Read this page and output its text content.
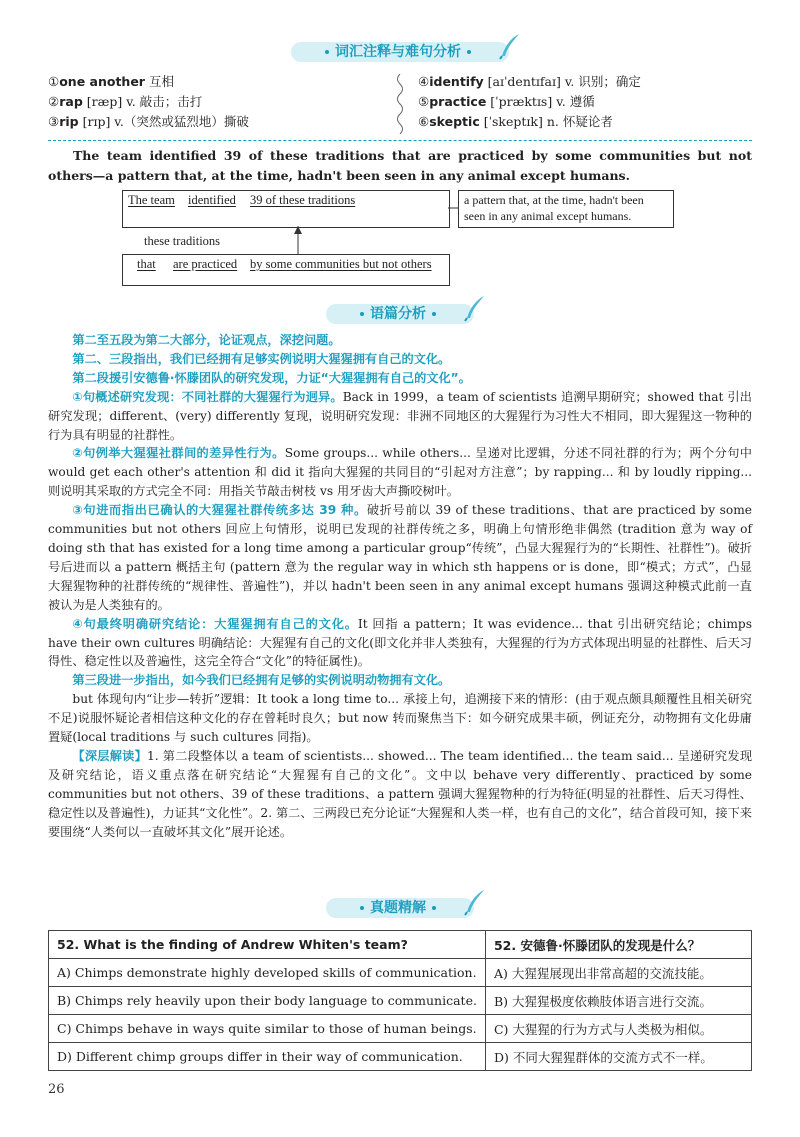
词汇注释与难句分析
①one another 互相
②rap [ræp] v. 敲击；击打
③rip [rɪp] v.（突然或猛烈地）撕破
④identify [aɪˈdentɪfaɪ] v. 识别；确定
⑤practice [ˈpræktɪs] v. 遵循
⑥skeptic [ˈskeptɪk] n. 怀疑论者
The team identified 39 of these traditions that are practiced by some communities but not others—a pattern that, at the time, hadn't been seen in any animal except humans.
The team identified 39 of these traditions	a pattern that, at the time, hadn't been
seen in any animal except humans.
these traditions
that are practiced by some communities but not others
语篇分析
第二至五段为第二大部分，论证观点，深挖问题。
第二、三段指出，我们已经拥有足够实例说明大猩猩拥有自己的文化。
第二段援引安德鲁·怀滕团队的研究发现，力证“大猩猩拥有自己的文化”。
①句概述研究发现：不同社群的大猩猩行为迥异。Back in 1999，a team of scientists 追溯早期研究；showed that 引出研究发现；different、(very) differently 复现，说明研究发现：非洲不同地区的大猩猩行为习性大不相同，即大猩猩这一物种的行为具有明显的社群性。
②句例举大猩猩社群间的差异性行为。Some groups... while others... 呈递对比逻辑，分述不同社群的行为；两个分句中 would get each other's attention 和 did it 指向大猩猩的共同目的“引起对方注意”；by rapping... 和 by loudly ripping... 则说明其采取的方式完全不同：用指关节敲击树枝 vs 用牙齿大声撕咬树叶。
③句进而指出已确认的大猩猩社群传统多达 39 种。破折号前以 39 of these traditions、that are practiced by some communities but not others 回应上句情形，说明已发现的社群传统之多，明确上句情形绝非偶然 (tradition 意为 way of doing sth that has existed for a long time among a particular group“传统”，凸显大猩猩行为的“长期性、社群性”)。破折号后进而以 a pattern 概括主句 (pattern 意为 the regular way in which sth happens or is done，即“模式；方式”，凸显大猩猩物种的社群传统的“规律性、普遍性”)，并以 hadn't been seen in any animal except humans 强调这种模式此前一直被认为是人类独有的。
④句最终明确研究结论：大猩猩拥有自己的文化。It 回指 a pattern；It was evidence... that 引出研究结论；chimps have their own cultures 明确结论：大猩猩有自己的文化(即文化并非人类独有，大猩猩的行为方式体现出明显的社群性、后天习得性、稳定性以及普遍性，这完全符合“文化”的特征属性)。
第三段进一步指出，如今我们已经拥有足够的实例说明动物拥有文化。
but 体现句内“让步—转折”逻辑：It took a long time to... 承接上句，追溯接下来的情形：(由于观点颇具颠覆性且相关研究不足)说服怀疑论者相信这种文化的存在曾耗时良久；but now 转而聚焦当下：如今研究成果丰硕，例证充分，动物拥有文化毋庸置疑(local traditions 与 such cultures 同指)。
【深层解读】1. 第二段整体以 a team of scientists... showed... The team identified... the team said... 呈递研究发现及研究结论，语义重点落在研究结论“大猩猩有自己的文化”。文中以 behave very differently、practiced by some communities but not others、39 of these traditions、a pattern 强调大猩猩物种的行为特征(明显的社群性、后天习得性、稳定性以及普遍性)，力证其“文化性”。2. 第二、三两段已充分论证“大猩猩和人类一样，也有自己的文化”，结合首段可知，接下来要围绕“人类何以一直破坏其文化”展开论述。
真题精解
52. What is the finding of Andrew Whiten's team?	52. 安德鲁·怀滕团队的发现是什么？
A) Chimps demonstrate highly developed skills of communication.	A) 大猩猩展现出非常高超的交流技能。
B) Chimps rely heavily upon their body language to communicate.	B) 大猩猩极度依赖肢体语言进行交流。
C) Chimps behave in ways quite similar to those of human beings.	C) 大猩猩的行为方式与人类极为相似。
D) Different chimp groups differ in their way of communication.	D) 不同大猩猩群体的交流方式不一样。
26
